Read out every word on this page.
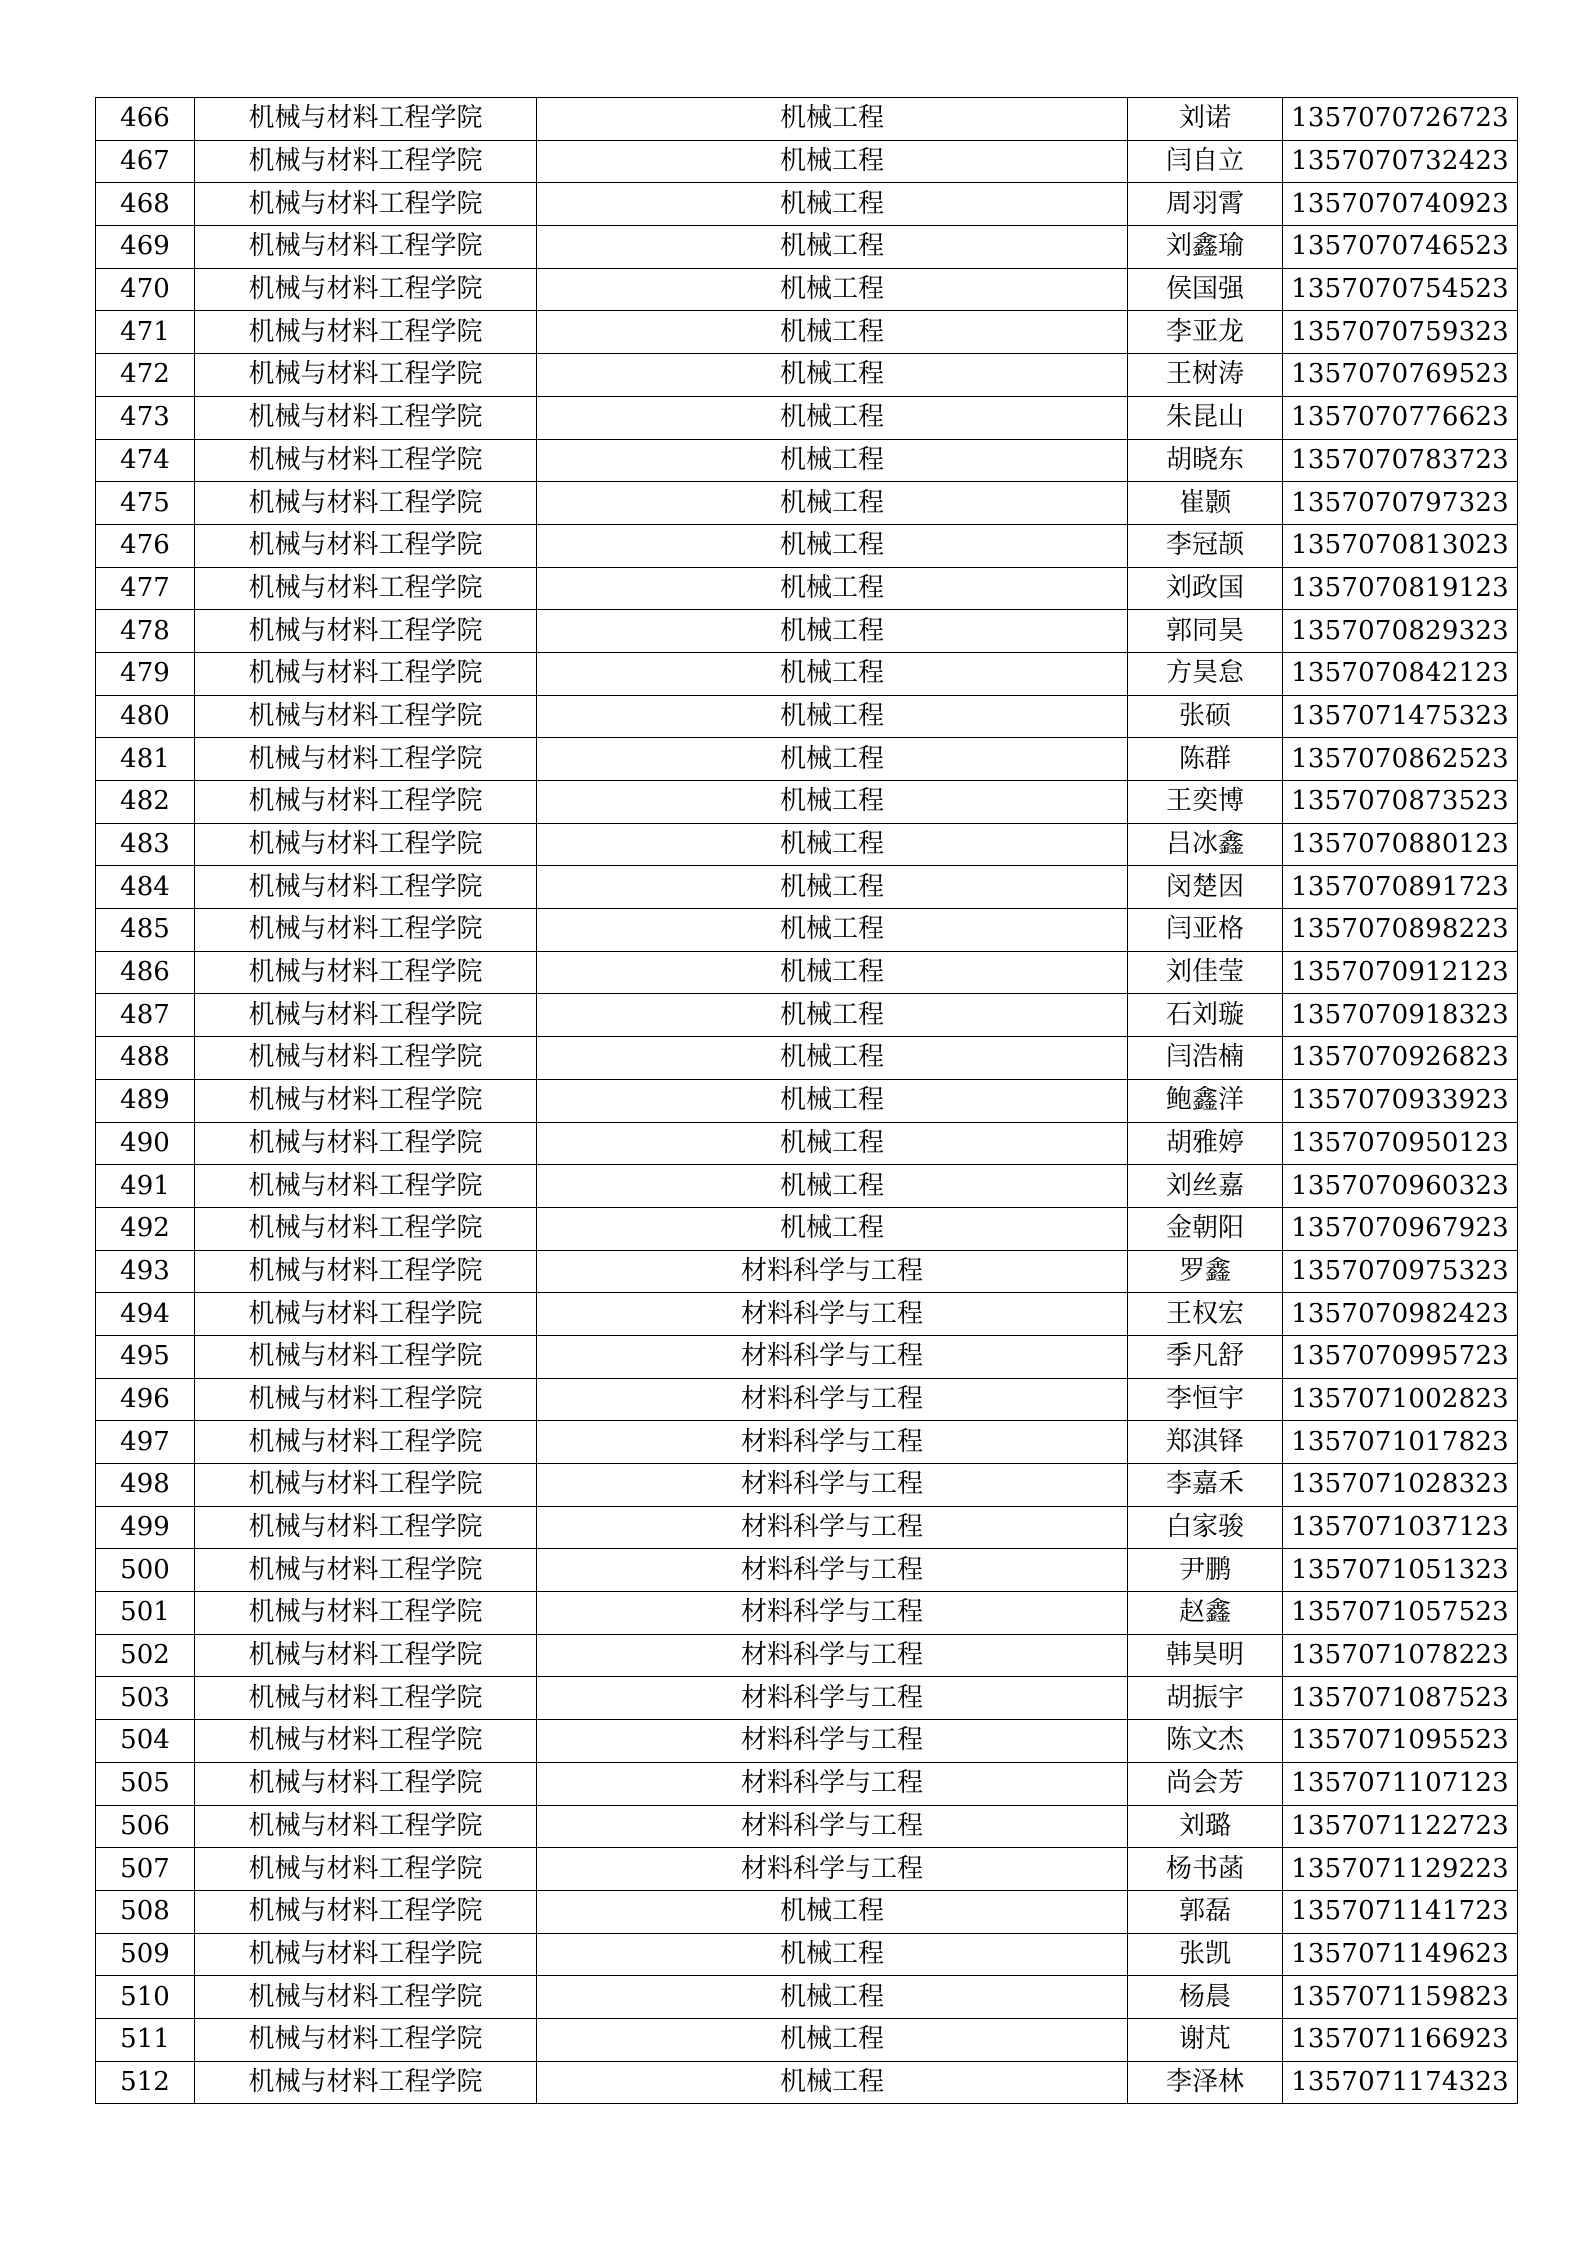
466	机械与材料工程学院	机械工程	刘诺	1357070726723
467	机械与材料工程学院	机械工程	闫自立	1357070732423
468	机械与材料工程学院	机械工程	周羽霄	1357070740923
469	机械与材料工程学院	机械工程	刘鑫瑜	1357070746523
470	机械与材料工程学院	机械工程	侯国强	1357070754523
471	机械与材料工程学院	机械工程	李亚龙	1357070759323
472	机械与材料工程学院	机械工程	王树涛	1357070769523
473	机械与材料工程学院	机械工程	朱昆山	1357070776623
474	机械与材料工程学院	机械工程	胡晓东	1357070783723
475	机械与材料工程学院	机械工程	崔颢	1357070797323
476	机械与材料工程学院	机械工程	李冠颉	1357070813023
477	机械与材料工程学院	机械工程	刘政国	1357070819123
478	机械与材料工程学院	机械工程	郭同昊	1357070829323
479	机械与材料工程学院	机械工程	方昊怠	1357070842123
480	机械与材料工程学院	机械工程	张硕	1357071475323
481	机械与材料工程学院	机械工程	陈群	1357070862523
482	机械与材料工程学院	机械工程	王奕博	1357070873523
483	机械与材料工程学院	机械工程	吕冰鑫	1357070880123
484	机械与材料工程学院	机械工程	闵楚因	1357070891723
485	机械与材料工程学院	机械工程	闫亚格	1357070898223
486	机械与材料工程学院	机械工程	刘佳莹	1357070912123
487	机械与材料工程学院	机械工程	石刘璇	1357070918323
488	机械与材料工程学院	机械工程	闫浩楠	1357070926823
489	机械与材料工程学院	机械工程	鲍鑫洋	1357070933923
490	机械与材料工程学院	机械工程	胡雅婷	1357070950123
491	机械与材料工程学院	机械工程	刘丝嘉	1357070960323
492	机械与材料工程学院	机械工程	金朝阳	1357070967923
493	机械与材料工程学院	材料科学与工程	罗鑫	1357070975323
494	机械与材料工程学院	材料科学与工程	王权宏	1357070982423
495	机械与材料工程学院	材料科学与工程	季凡舒	1357070995723
496	机械与材料工程学院	材料科学与工程	李恒宇	1357071002823
497	机械与材料工程学院	材料科学与工程	郑淇铎	1357071017823
498	机械与材料工程学院	材料科学与工程	李嘉禾	1357071028323
499	机械与材料工程学院	材料科学与工程	白家骏	1357071037123
500	机械与材料工程学院	材料科学与工程	尹鹏	1357071051323
501	机械与材料工程学院	材料科学与工程	赵鑫	1357071057523
502	机械与材料工程学院	材料科学与工程	韩昊明	1357071078223
503	机械与材料工程学院	材料科学与工程	胡振宇	1357071087523
504	机械与材料工程学院	材料科学与工程	陈文杰	1357071095523
505	机械与材料工程学院	材料科学与工程	尚会芳	1357071107123
506	机械与材料工程学院	材料科学与工程	刘璐	1357071122723
507	机械与材料工程学院	材料科学与工程	杨书菡	1357071129223
508	机械与材料工程学院	机械工程	郭磊	1357071141723
509	机械与材料工程学院	机械工程	张凯	1357071149623
510	机械与材料工程学院	机械工程	杨晨	1357071159823
511	机械与材料工程学院	机械工程	谢芃	1357071166923
512	机械与材料工程学院	机械工程	李泽林	1357071174323
